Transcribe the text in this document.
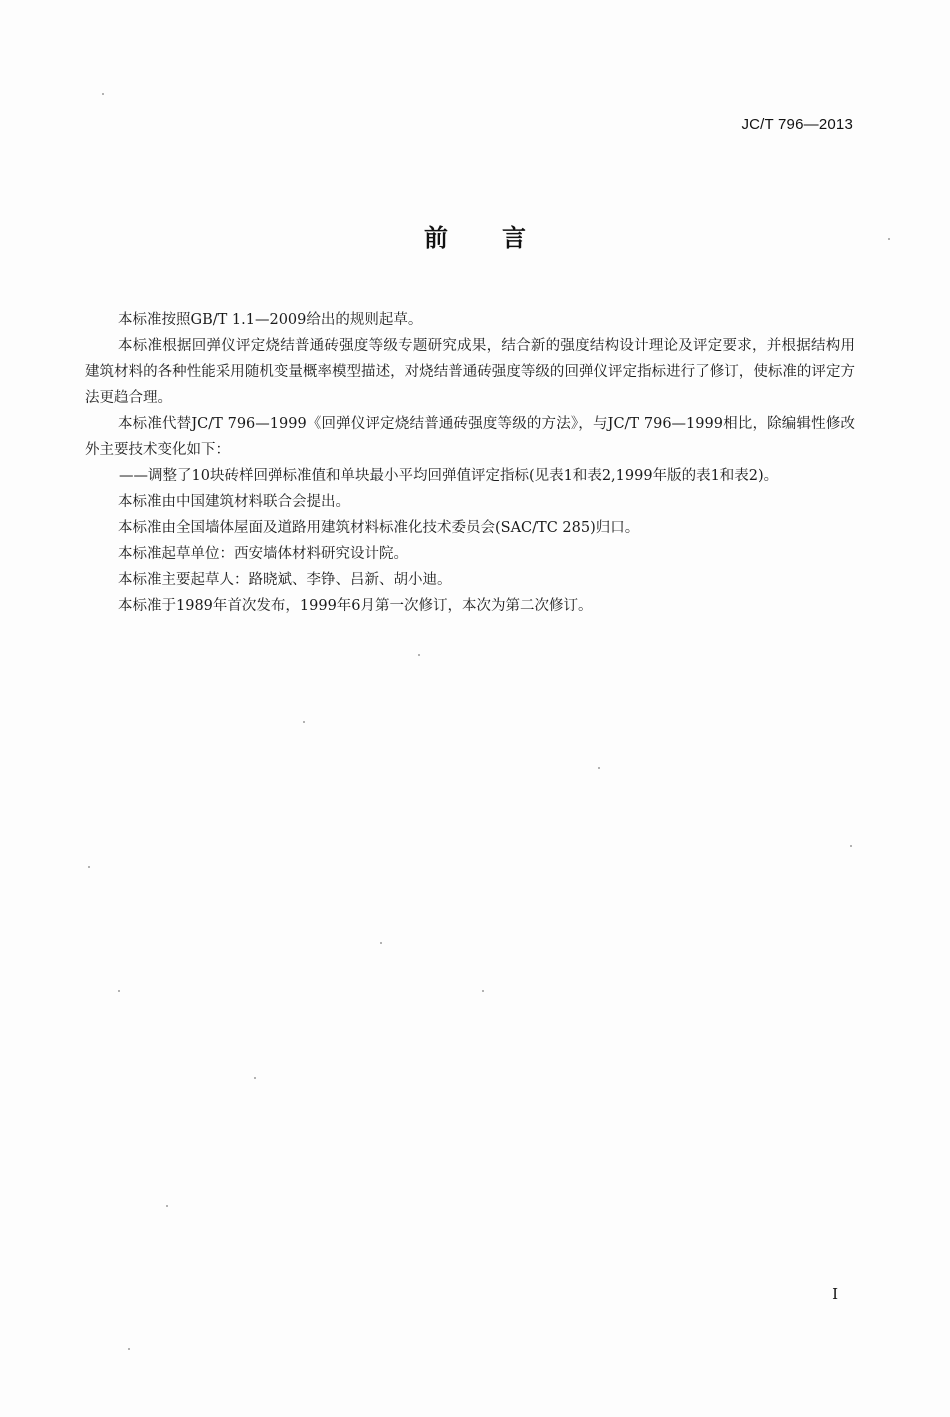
JC/T 796—2013
前言

本标准按照GB/T 1.1—2009给出的规则起草。

本标准根据回弹仪评定烧结普通砖强度等级专题研究成果，结合新的强度结构设计理论及评定要求，并根据结构用建筑材料的各种性能采用随机变量概率模型描述，对烧结普通砖强度等级的回弹仪评定指标进行了修订，使标准的评定方法更趋合理。

本标准代替JC/T 796—1999《回弹仪评定烧结普通砖强度等级的方法》，与JC/T 796—1999相比，除编辑性修改外主要技术变化如下：

——调整了10块砖样回弹标准值和单块最小平均回弹值评定指标(见表1和表2,1999年版的表1和表2)。

本标准由中国建筑材料联合会提出。

本标准由全国墙体屋面及道路用建筑材料标准化技术委员会(SAC/TC 285)归口。

本标准起草单位：西安墙体材料研究设计院。

本标准主要起草人：路晓斌、李铮、吕新、胡小迪。

本标准于1989年首次发布，1999年6月第一次修订，本次为第二次修订。

I
